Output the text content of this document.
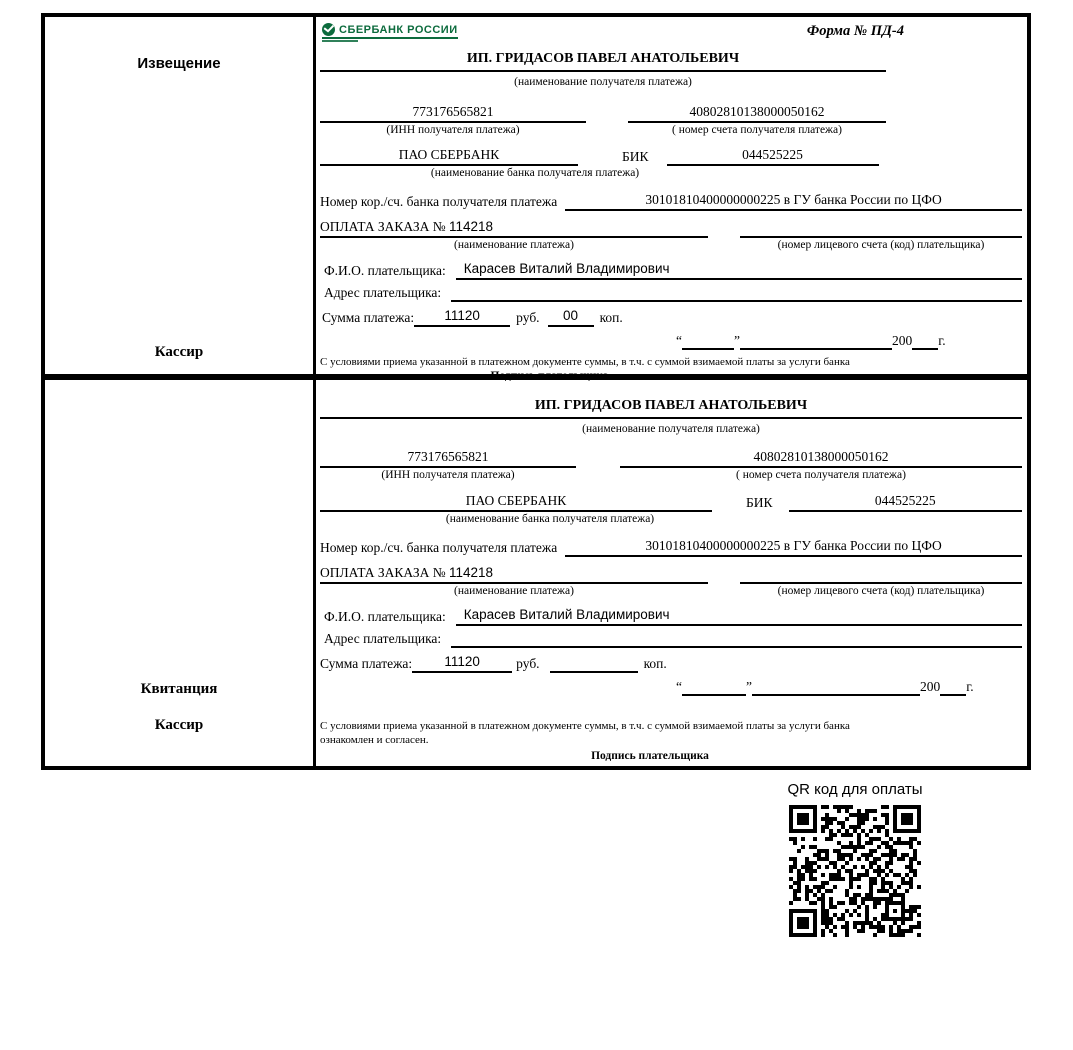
Извещение
Кассир
СБЕРБАНК РОССИИ	Форма № ПД-4
ИП. ГРИДАСОВ ПАВЕЛ АНАТОЛЬЕВИЧ
(наименование получателя платежа)
773176565821	40802810138000050162
(ИНН получателя платежа)	( номер счета получателя платежа)
ПАО СБЕРБАНК	БИК	044525225
(наименование банка получателя платежа)
Номер кор./сч. банка получателя платежа	30101810400000000225 в ГУ банка России по ЦФО
ОПЛАТА ЗАКАЗА № 114218
(наименование платежа)	(номер лицевого счета (код) плательщика)
Ф.И.О. плательщика:	Карасев Виталий Владимирович
Адрес плательщика:
Сумма платежа:	11120	руб.	00	коп.
“	”	200 г.
С условиями приема указанной в платежном документе суммы, в т.ч. с суммой взимаемой платы за услуги банка
Квитанция
Кассир
ИП. ГРИДАСОВ ПАВЕЛ АНАТОЛЬЕВИЧ
(наименование получателя платежа)
773176565821	40802810138000050162
(ИНН получателя платежа)	( номер счета получателя платежа)
ПАО СБЕРБАНК	БИК	044525225
(наименование банка получателя платежа)
Номер кор./сч. банка получателя платежа	30101810400000000225 в ГУ банка России по ЦФО
ОПЛАТА ЗАКАЗА № 114218
(наименование платежа)	(номер лицевого счета (код) плательщика)
Ф.И.О. плательщика:	Карасев Виталий Владимирович
Адрес плательщика:
Сумма платежа:	11120	руб.	коп.
“	”	200 г.
С условиями приема указанной в платежном документе суммы, в т.ч. с суммой взимаемой платы за услуги банка
ознакомлен и согласен.
Подпись плательщика
QR код для оплаты
